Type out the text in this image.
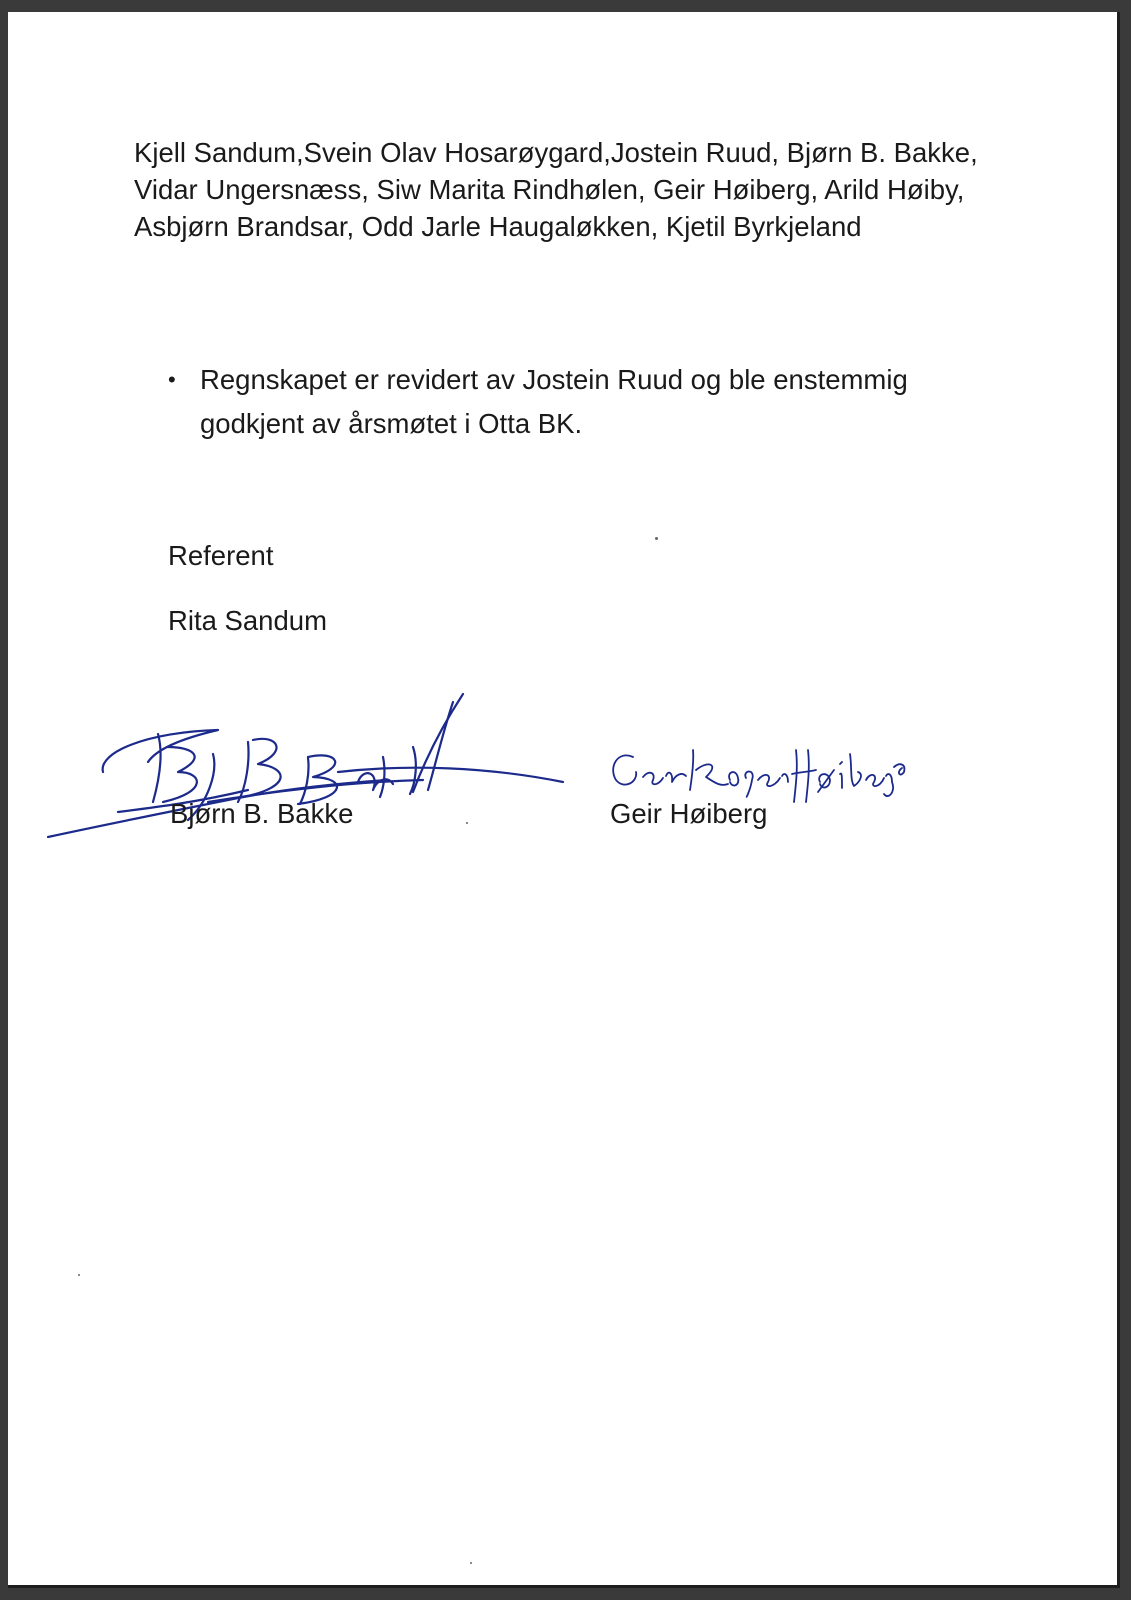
Kjell Sandum,Svein Olav Hosarøygard,Jostein Ruud, Bjørn B. Bakke, Vidar Ungersnæss, Siw Marita Rindhølen, Geir Høiberg, Arild Høiby, Asbjørn Brandsar, Odd Jarle Haugaløkken, Kjetil Byrkjeland

• Regnskapet er revidert av Jostein Ruud og ble enstemmig godkjent av årsmøtet i Otta BK.

Referent

Rita Sandum

Bjørn B. Bakke	Geir Høiberg
